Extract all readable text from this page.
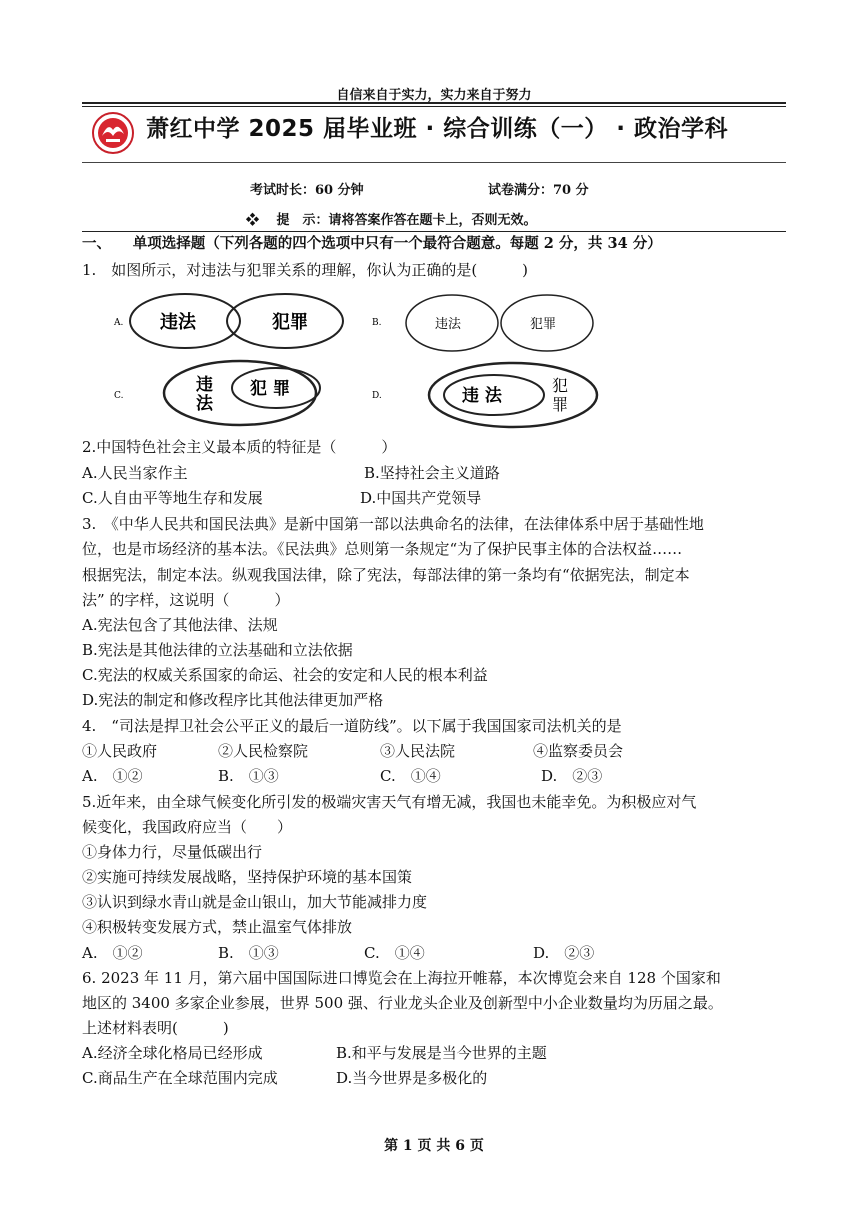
自信来自于实力，实力来自于努力
萧红中学 2025 届毕业班 · 综合训练（一） · 政治学科
考试时长：60 分钟	试卷满分：70 分
❖　 提　示：请将答案作答在题卡上，否则无效。
一、　　单项选择题（下列各题的四个选项中只有一个最符合题意。每题 2 分，共 34 分）
1.　如图所示，对违法与犯罪关系的理解，你认为正确的是(　　　)
A. 违法	犯罪	B.	违法	犯罪
C.
违
法
犯 罪	D.	违 法
犯
罪
2.中国特色社会主义最本质的特征是（　　　）
A.人民当家作主	B.坚持社会主义道路
C.人自由平等地生存和发展	D.中国共产党领导
3.　《中华人民共和国民法典》是新中国第一部以法典命名的法律，在法律体系中居于基础性地
位，也是市场经济的基本法。《民法典》总则第一条规定“为了保护民事主体的合法权益……
根据宪法，制定本法。纵观我国法律，除了宪法，每部法律的第一条均有“依据宪法，制定本
法” 的字样，这说明（　　　）
A.宪法包含了其他法律、法规
B.宪法是其他法律的立法基础和立法依据
C.宪法的权威关系国家的命运、社会的安定和人民的根本利益
D.宪法的制定和修改程序比其他法律更加严格
4.　“司法是捍卫社会公平正义的最后一道防线”。以下属于我国国家司法机关的是
①人民政府	②人民检察院	③人民法院	④监察委员会
A.　①②	B.　①③	C.　①④	D.　②③
5.近年来，由全球气候变化所引发的极端灾害天气有增无减，我国也未能幸免。为积极应对气
候变化，我国政府应当（　　）
①身体力行，尽量低碳出行
②实施可持续发展战略，坚持保护环境的基本国策
③认识到绿水青山就是金山银山，加大节能减排力度
④积极转变发展方式，禁止温室气体排放
A.　①②	B.　①③	C.　①④	D.　②③
6. 2023 年 11 月，第六届中国国际进口博览会在上海拉开帷幕，本次博览会来自 128 个国家和
地区的 3400 多家企业参展，世界 500 强、行业龙头企业及创新型中小企业数量均为历届之最。
上述材料表明(　　　)
A.经济全球化格局已经形成	B.和平与发展是当今世界的主题
C.商品生产在全球范围内完成	D.当今世界是多极化的
第 1 页 共 6 页
